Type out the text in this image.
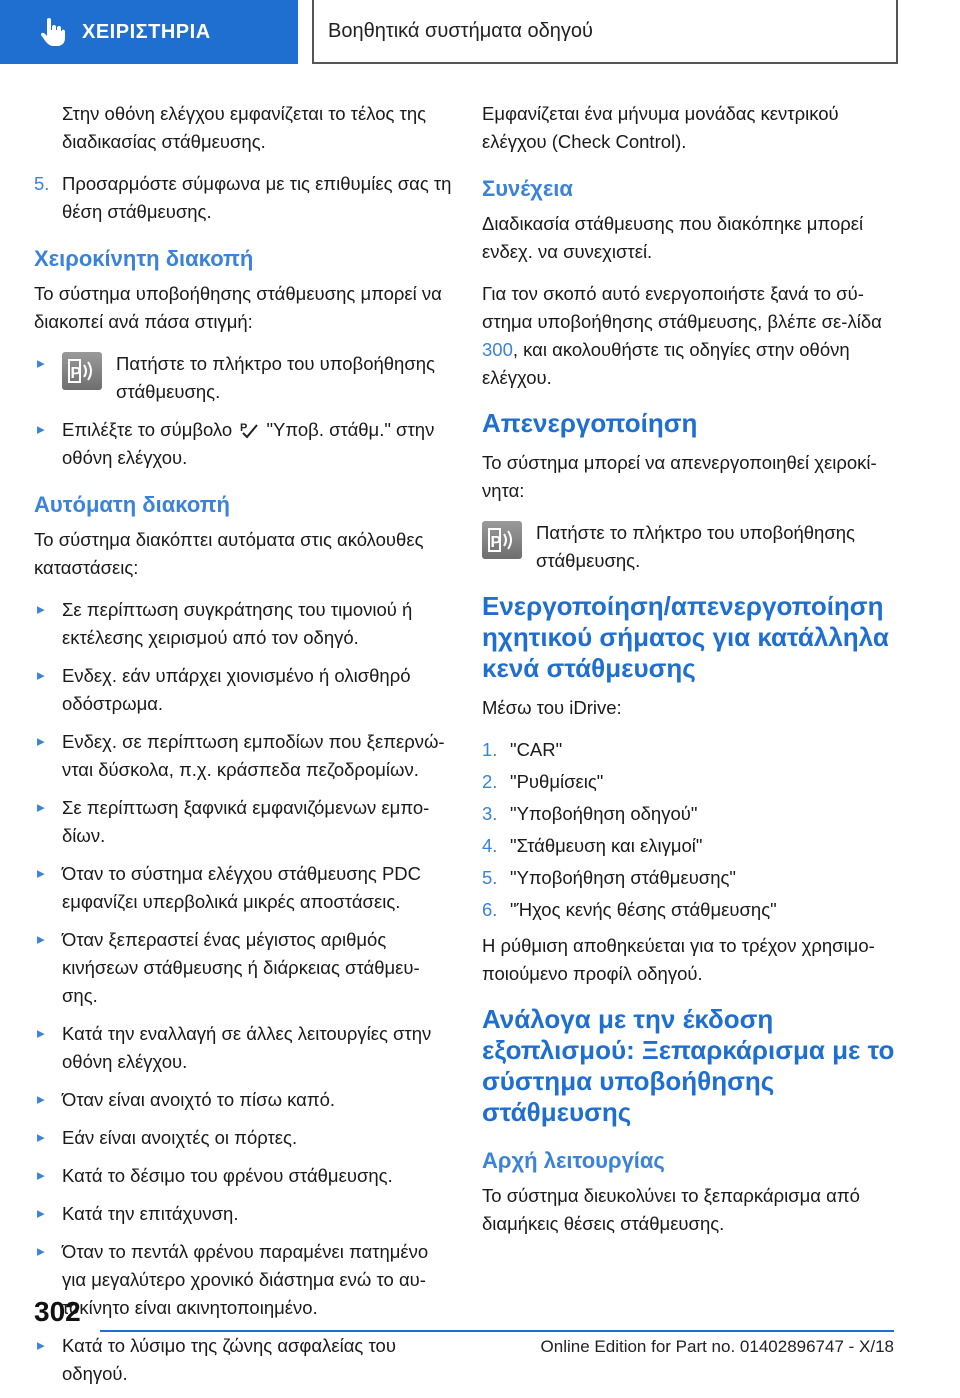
ΧΕΙΡΙΣΤΗΡΙΑ	Βοηθητικά συστήματα οδηγού

Στην οθόνη ελέγχου εμφανίζεται το τέλος της διαδικασίας στάθμευσης.

5. Προσαρμόστε σύμφωνα με τις επιθυμίες σας τη θέση στάθμευσης.
Χειροκίνητη διακοπή

Το σύστημα υποβοήθησης στάθμευσης μπορεί να διακοπεί ανά πάσα στιγμή:

▼
P Πατήστε το πλήκτρο του υποβοήθησης στάθμευσης.
▼ Επιλέξτε το σύμβολο P "Υποβ. στάθμ." στην οθόνη ελέγχου.
Αυτόματη διακοπή

Το σύστημα διακόπτει αυτόματα στις ακόλουθες καταστάσεις:

▼ Σε περίπτωση συγκράτησης του τιμονιού ή εκτέλεσης χειρισμού από τον οδηγό.
▼ Ενδεχ. εάν υπάρχει χιονισμένο ή ολισθηρό οδόστρωμα.
▼ Ενδεχ. σε περίπτωση εμποδίων που ξεπερνώ-νται δύσκολα, π.χ. κράσπεδα πεζοδρομίων.
▼ Σε περίπτωση ξαφνικά εμφανιζόμενων εμπο-δίων.
▼ Όταν το σύστημα ελέγχου στάθμευσης PDC εμφανίζει υπερβολικά μικρές αποστάσεις.
▼ Όταν ξεπεραστεί ένας μέγιστος αριθμός κινήσεων στάθμευσης ή διάρκειας στάθμευ-σης.
▼ Κατά την εναλλαγή σε άλλες λειτουργίες στην οθόνη ελέγχου.
▼ Όταν είναι ανοιχτό το πίσω καπό.
▼ Εάν είναι ανοιχτές οι πόρτες.
▼ Κατά το δέσιμο του φρένου στάθμευσης.
▼ Κατά την επιτάχυνση.
▼ Όταν το πεντάλ φρένου παραμένει πατημένο για μεγαλύτερο χρονικό διάστημα ενώ το αυ-τοκίνητο είναι ακινητοποιημένο.
▼ Κατά το λύσιμο της ζώνης ασφαλείας του οδηγού.

Εμφανίζεται ένα μήνυμα μονάδας κεντρικού ελέγχου (Check Control).

Συνέχεια

Διαδικασία στάθμευσης που διακόπηκε μπορεί ενδεχ. να συνεχιστεί.

Για τον σκοπό αυτό ενεργοποιήστε ξανά το σύ-στημα υποβοήθησης στάθμευσης, βλέπε σε-λίδα 300, και ακολουθήστε τις οδηγίες στην οθόνη ελέγχου.

Απενεργοποίηση

Το σύστημα μπορεί να απενεργοποιηθεί χειροκί-νητα:

P Πατήστε το πλήκτρο του υποβοήθησης στάθμευσης.
Ενεργοποίηση/απενεργοποίηση ηχητικού σήματος για κατάλληλα κενά στάθμευσης

Μέσω του iDrive:

1. "CAR"
2. "Ρυθμίσεις"
3. "Υποβοήθηση οδηγού"
4. "Στάθμευση και ελιγμοί"
5. "Υποβοήθηση στάθμευσης"
6. "Ήχος κενής θέσης στάθμευσης"

Η ρύθμιση αποθηκεύεται για το τρέχον χρησιμο-ποιούμενο προφίλ οδηγού.

Ανάλογα με την έκδοση εξοπλισμού: Ξεπαρκάρισμα με το σύστημα υποβοήθησης στάθμευσης
Αρχή λειτουργίας

Το σύστημα διευκολύνει το ξεπαρκάρισμα από διαμήκεις θέσεις στάθμευσης.

302
Online Edition for Part no. 01402896747 - X/18
